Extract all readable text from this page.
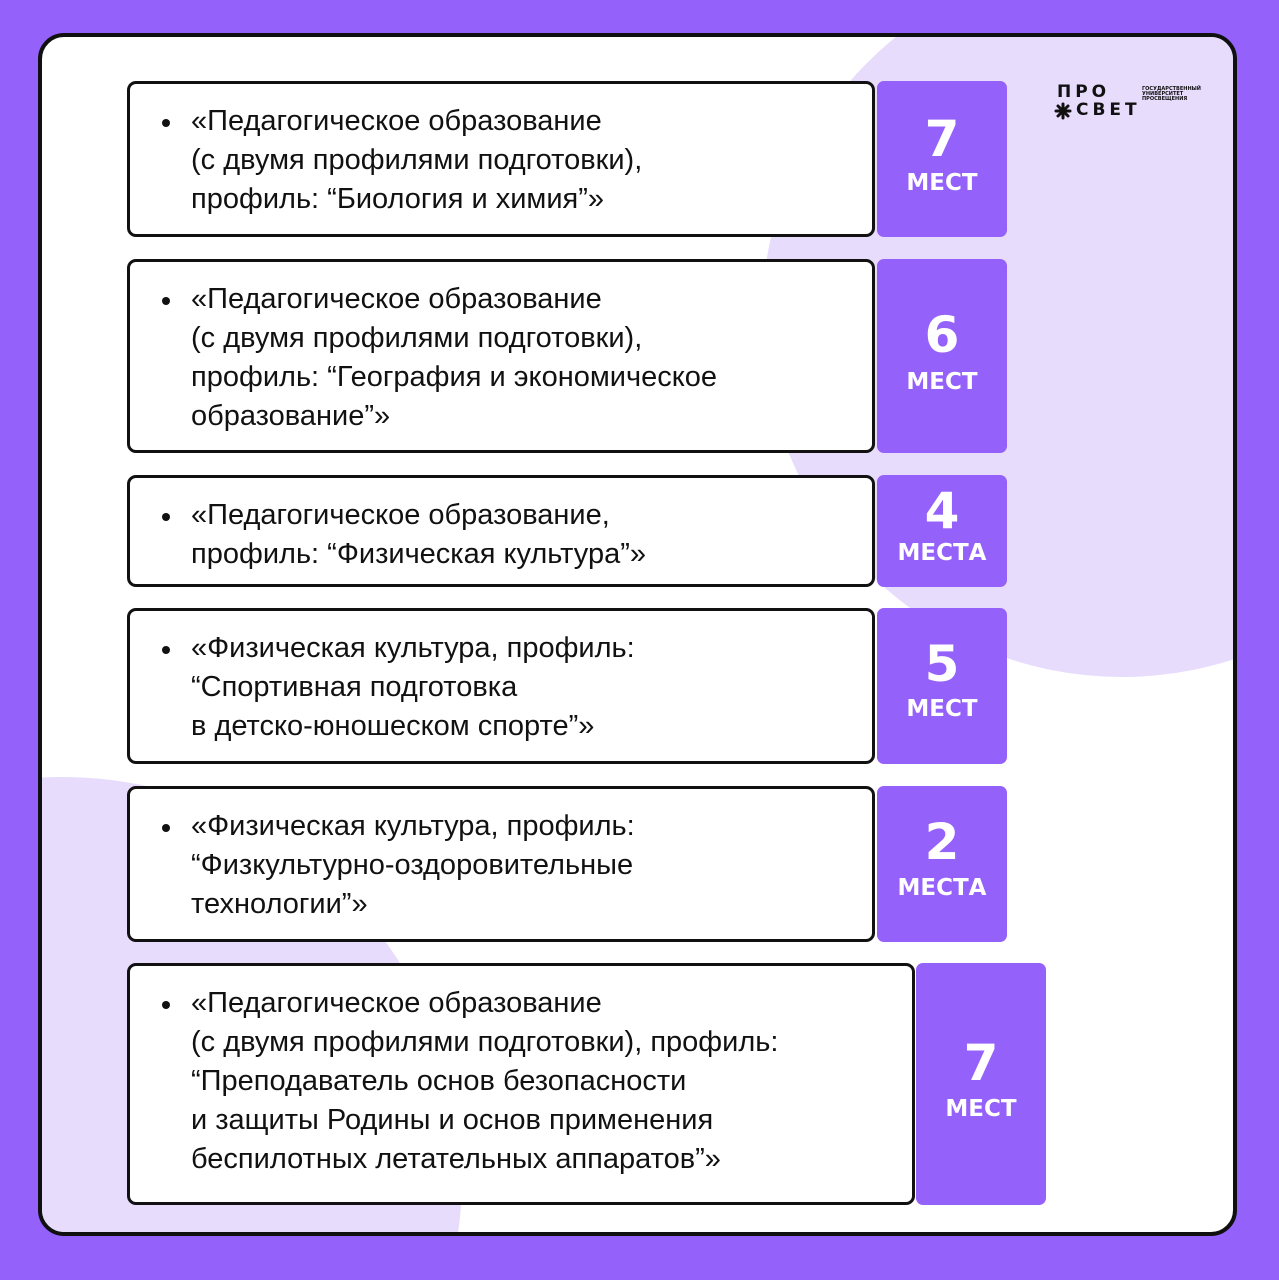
ПРО
СВЕТ
ГОСУДАРСТВЕННЫЙ УНИВЕРСИТЕТ ПРОСВЕЩЕНИЯ

«Педагогическое образование
(с двумя профилями подготовки),
профиль: “Биология и химия”»

7
МЕСТ

«Педагогическое образование
(с двумя профилями подготовки),
профиль: “География и экономическое
образование”»

6
МЕСТ

«Педагогическое образование,
профиль: “Физическая культура”»

4
МЕСТА

«Физическая культура, профиль:
“Спортивная подготовка
в детско-юношеском спорте”»

5
МЕСТ

«Физическая культура, профиль:
“Физкультурно-оздоровительные
технологии”»

2
МЕСТА

«Педагогическое образование
(с двумя профилями подготовки), профиль:
“Преподаватель основ безопасности
и защиты Родины и основ применения
беспилотных летательных аппаратов”»

7
МЕСТ
